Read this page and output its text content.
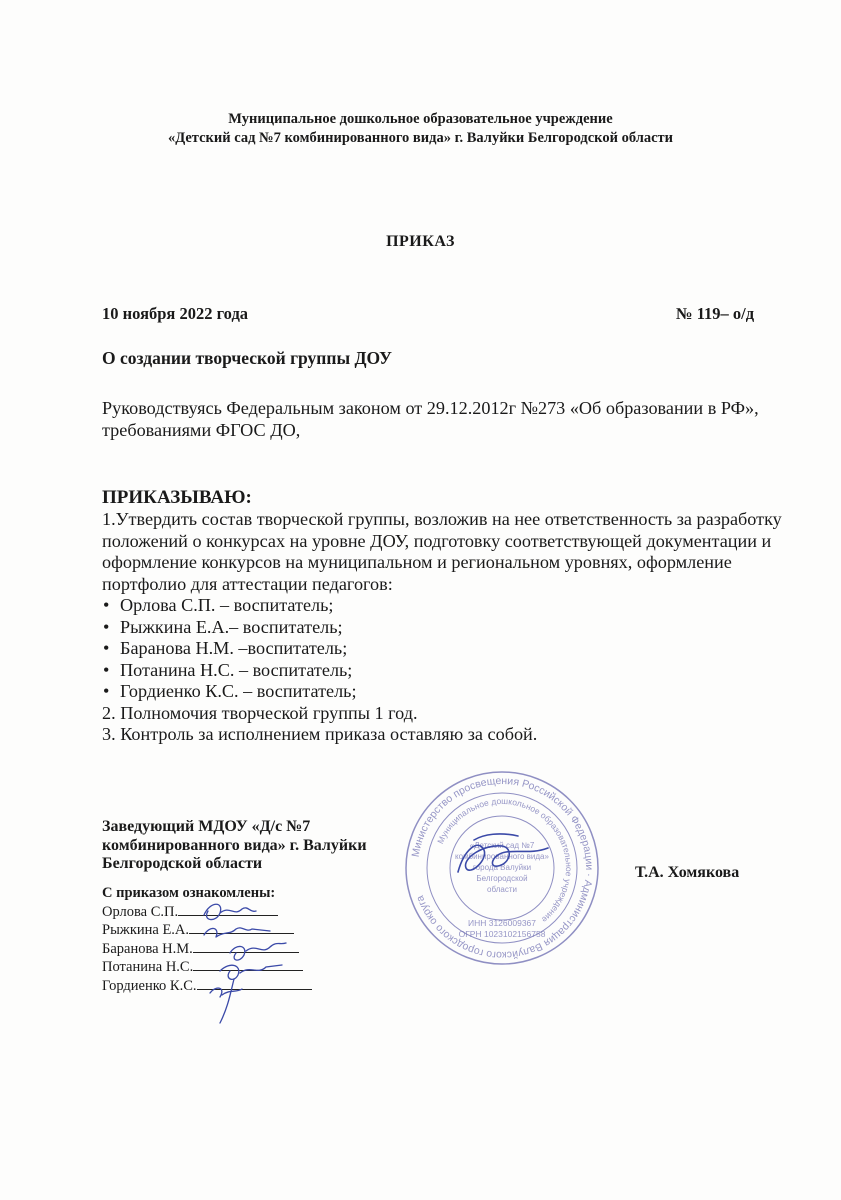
Муниципальное дошкольное образовательное учреждение
«Детский сад №7 комбинированного вида» г. Валуйки Белгородской области
ПРИКАЗ
10 ноября 2022 года	№ 119– о/д
О создании творческой группы ДОУ
Руководствуясь Федеральным законом от 29.12.2012г №273 «Об образовании в РФ», требованиями ФГОС ДО,
ПРИКАЗЫВАЮ:
1.Утвердить состав творческой группы, возложив на нее ответственность за разработку положений о конкурсах на уровне ДОУ, подготовку соответствующей документации и оформление конкурсов на муниципальном и региональном уровнях, оформление портфолио для аттестации педагогов:
• Орлова С.П. – воспитатель;
• Рыжкина Е.А.– воспитатель;
• Баранова Н.М. –воспитатель;
• Потанина Н.С. – воспитатель;
• Гордиенко К.С. – воспитатель;
2. Полномочия творческой группы 1 год.
3. Контроль за исполнением приказа оставляю за собой.
Заведующий МДОУ «Д/с №7
комбинированного вида» г. Валуйки
Белгородской области
Т.А. Хомякова
С приказом ознакомлены:
Орлова С.П.
Рыжкина Е.А.
Баранова Н.М.
Потанина Н.С.
Гордиенко К.С.
Министерство просвещения Российской Федерации · Администрация Валуйского городского округа
Муниципальное дошкольное образовательное учреждение
«Детский сад №7
комбинированного вида»
города Валуйки
Белгородской
области
ИНН 3126009367
ОГРН 1023102156758
